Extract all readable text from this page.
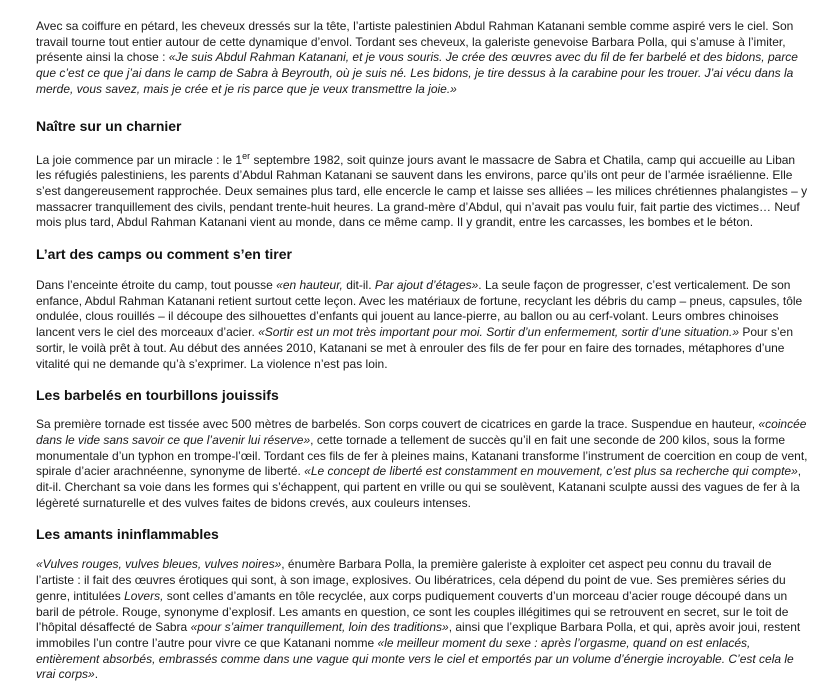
Avec sa coiffure en pétard, les cheveux dressés sur la tête, l’artiste palestinien Abdul Rahman Katanani semble comme aspiré vers le ciel. Son travail tourne tout entier autour de cette dynamique d’envol. Tordant ses cheveux, la galeriste genevoise Barbara Polla, qui s’amuse à l’imiter, présente ainsi la chose : «Je suis Abdul Rahman Katanani, et je vous souris. Je crée des œuvres avec du fil de fer barbelé et des bidons, parce que c’est ce que j’ai dans le camp de Sabra à Beyrouth, où je suis né. Les bidons, je tire dessus à la carabine pour les trouer. J’ai vécu dans la merde, vous savez, mais je crée et je ris parce que je veux transmettre la joie.»

Naître sur un charnier

La joie commence par un miracle : le 1er septembre 1982, soit quinze jours avant le massacre de Sabra et Chatila, camp qui accueille au Liban les réfugiés palestiniens, les parents d’Abdul Rahman Katanani se sauvent dans les environs, parce qu’ils ont peur de l’armée israélienne. Elle s’est dangereusement rapprochée. Deux semaines plus tard, elle encercle le camp et laisse ses alliées – les milices chrétiennes phalangistes – y massacrer tranquillement des civils, pendant trente-huit heures. La grand-mère d’Abdul, qui n’avait pas voulu fuir, fait partie des victimes… Neuf mois plus tard, Abdul Rahman Katanani vient au monde, dans ce même camp. Il y grandit, entre les carcasses, les bombes et le béton.

L’art des camps ou comment s’en tirer

Dans l’enceinte étroite du camp, tout pousse «en hauteur, dit-il. Par ajout d’étages». La seule façon de progresser, c’est verticalement. De son enfance, Abdul Rahman Katanani retient surtout cette leçon. Avec les matériaux de fortune, recyclant les débris du camp – pneus, capsules, tôle ondulée, clous rouillés – il découpe des silhouettes d’enfants qui jouent au lance-pierre, au ballon ou au cerf-volant. Leurs ombres chinoises lancent vers le ciel des morceaux d’acier. «Sortir est un mot très important pour moi. Sortir d’un enfermement, sortir d’une situation.» Pour s’en sortir, le voilà prêt à tout. Au début des années 2010, Katanani se met à enrouler des fils de fer pour en faire des tornades, métaphores d’une vitalité qui ne demande qu’à s’exprimer. La violence n’est pas loin.

Les barbelés en tourbillons jouissifs

Sa première tornade est tissée avec 500 mètres de barbelés. Son corps couvert de cicatrices en garde la trace. Suspendue en hauteur, «coincée dans le vide sans savoir ce que l’avenir lui réserve», cette tornade a tellement de succès qu’il en fait une seconde de 200 kilos, sous la forme monumentale d’un typhon en trompe-l’œil. Tordant ces fils de fer à pleines mains, Katanani transforme l’instrument de coercition en coup de vent, spirale d’acier arachnéenne, synonyme de liberté. «Le concept de liberté est constamment en mouvement, c’est plus sa recherche qui compte», dit-il. Cherchant sa voie dans les formes qui s’échappent, qui partent en vrille ou qui se soulèvent, Katanani sculpte aussi des vagues de fer à la légèreté surnaturelle et des vulves faites de bidons crevés, aux couleurs intenses.

Les amants ininflammables

«Vulves rouges, vulves bleues, vulves noires», énumère Barbara Polla, la première galeriste à exploiter cet aspect peu connu du travail de l’artiste : il fait des œuvres érotiques qui sont, à son image, explosives. Ou libératrices, cela dépend du point de vue. Ses premières séries du genre, intitulées Lovers, sont celles d’amants en tôle recyclée, aux corps pudiquement couverts d’un morceau d’acier rouge découpé dans un baril de pétrole. Rouge, synonyme d’explosif. Les amants en question, ce sont les couples illégitimes qui se retrouvent en secret, sur le toit de l’hôpital désaffecté de Sabra «pour s’aimer tranquillement, loin des traditions», ainsi que l’explique Barbara Polla, et qui, après avoir joui, restent immobiles l’un contre l’autre pour vivre ce que Katanani nomme «le meilleur moment du sexe : après l’orgasme, quand on est enlacés, entièrement absorbés, embrassés comme dans une vague qui monte vers le ciel et emportés par un volume d’énergie incroyable. C’est cela le vrai corps».
